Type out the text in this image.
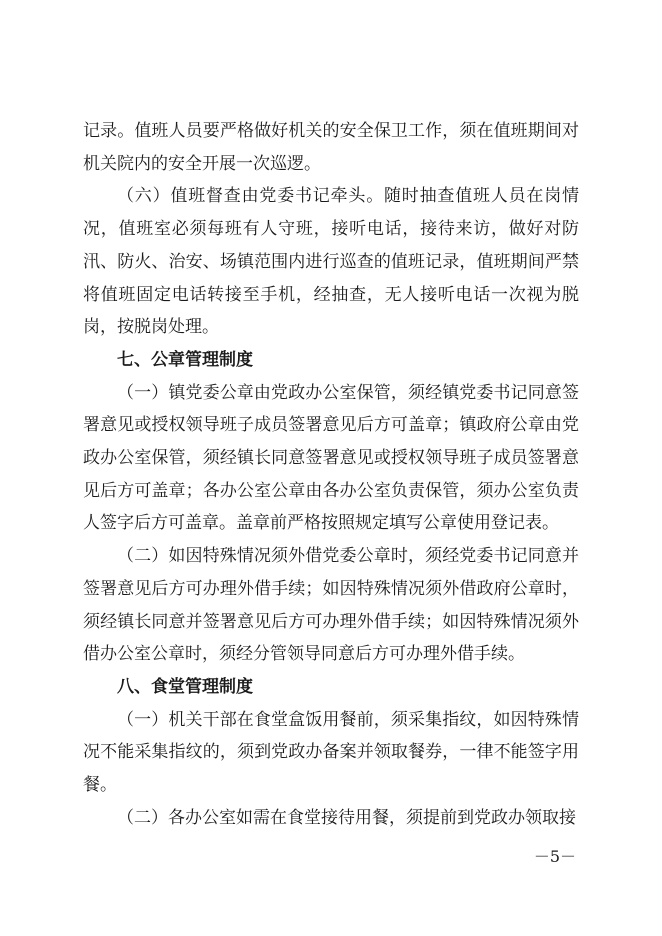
记录。值班人员要严格做好机关的安全保卫工作，须在值班期间对机关院内的安全开展一次巡逻。

（六）值班督查由党委书记牵头。随时抽查值班人员在岗情况，值班室必须每班有人守班，接听电话，接待来访，做好对防汛、防火、治安、场镇范围内进行巡查的值班记录，值班期间严禁将值班固定电话转接至手机，经抽查，无人接听电话一次视为脱岗，按脱岗处理。

七、公章管理制度

（一）镇党委公章由党政办公室保管，须经镇党委书记同意签署意见或授权领导班子成员签署意见后方可盖章；镇政府公章由党政办公室保管，须经镇长同意签署意见或授权领导班子成员签署意见后方可盖章；各办公室公章由各办公室负责保管，须办公室负责人签字后方可盖章。盖章前严格按照规定填写公章使用登记表。

（二）如因特殊情况须外借党委公章时，须经党委书记同意并签署意见后方可办理外借手续；如因特殊情况须外借政府公章时，须经镇长同意并签署意见后方可办理外借手续；如因特殊情况须外借办公室公章时，须经分管领导同意后方可办理外借手续。

八、食堂管理制度

（一）机关干部在食堂盒饭用餐前，须采集指纹，如因特殊情况不能采集指纹的，须到党政办备案并领取餐券，一律不能签字用餐。

（二）各办公室如需在食堂接待用餐，须提前到党政办领取接

－5－
